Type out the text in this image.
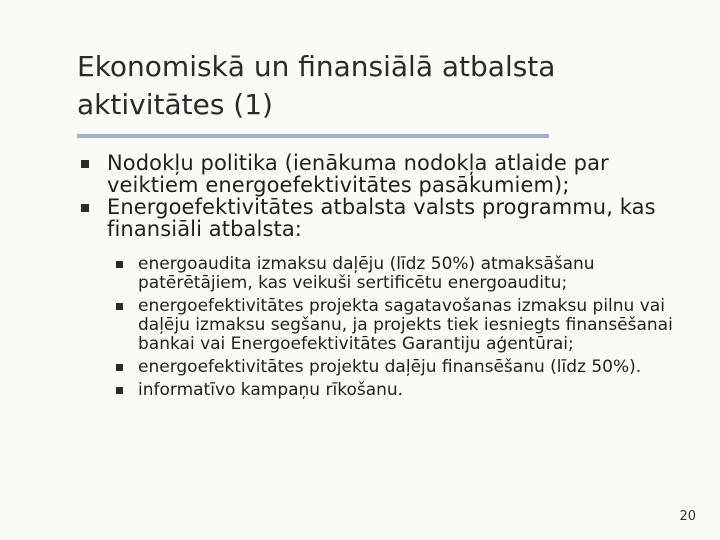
Ekonomiskā un finansiālā atbalsta aktivitātes (1)
Nodokļu politika (ienākuma nodokļa atlaide par veiktiem energoefektivitātes pasākumiem);
Energoefektivitātes atbalsta valsts programmu, kas finansiāli atbalsta:
energoaudita izmaksu daļēju (līdz 50%) atmaksāšanu patērētājiem, kas veikuši sertificētu energoauditu;
energoefektivitātes projekta sagatavošanas izmaksu pilnu vai daļēju izmaksu segšanu, ja projekts tiek iesniegts finansēšanai bankai vai Energoefektivitātes Garantiju aģentūrai;
energoefektivitātes projektu daļēju finansēšanu (līdz 50%).
informatīvo kampaņu rīkošanu.
20
